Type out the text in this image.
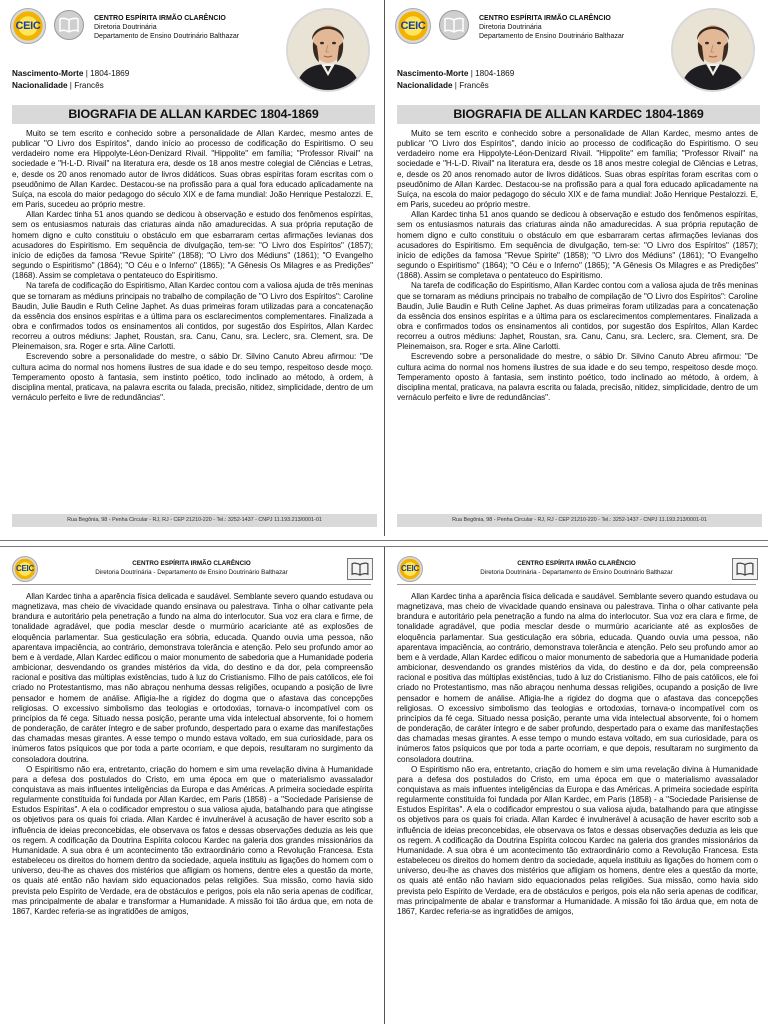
CEIC
CENTRO ESPÍRITA IRMÃO CLARÊNCIO
Diretoria Doutrinária
Departamento de Ensino Doutrinário Balthazar
Nascimento-Morte | 1804-1869
Nacionalidade | Francês
BIOGRAFIA DE ALLAN KARDEC 1804-1869

Muito se tem escrito e conhecido sobre a personalidade de Allan Kardec, mesmo antes de publicar "O Livro dos Espíritos", dando início ao processo de codificação do Espiritismo. O seu verdadeiro nome era Hippolyte-Léon-Denizard Rivail. "Hippolite" em família; "Professor Rivail" na sociedade e "H-L-D. Rivail" na literatura era, desde os 18 anos mestre colegial de Ciências e Letras, e, desde os 20 anos renomado autor de livros didáticos. Suas obras espíritas foram escritas com o pseudônimo de Allan Kardec. Destacou-se na profissão para a qual fora educado aplicadamente na Suíça, na escola do maior pedagogo do século XIX e de fama mundial: João Henrique Pestalozzi. E, em Paris, sucedeu ao próprio mestre.

Allan Kardec tinha 51 anos quando se dedicou à observação e estudo dos fenômenos espíritas, sem os entusiasmos naturais das criaturas ainda não amadurecidas. A sua própria reputação de homem digno e culto constituiu o obstáculo em que esbarraram certas afirmações levianas dos acusadores do Espiritismo. Em sequência de divulgação, tem-se: "O Livro dos Espíritos" (1857); início de edições da famosa "Revue Spirite" (1858); "O Livro dos Médiuns" (1861); "O Evangelho segundo o Espiritismo" (1864); "O Céu e o Inferno" (1865); "A Gênesis Os Milagres e as Predições" (1868). Assim se completava o pentateuco do Espiritismo.

Na tarefa de codificação do Espiritismo, Allan Kardec contou com a valiosa ajuda de três meninas que se tornaram as médiuns principais no trabalho de compilação de "O Livro dos Espíritos": Caroline Baudin, Julie Baudin e Ruth Celine Japhet. As duas primeiras foram utilizadas para a concatenação da essência dos ensinos espíritas e a última para os esclarecimentos complementares. Finalizada a obra e confirmados todos os ensinamentos ali contidos, por sugestão dos Espíritos, Allan Kardec recorreu a outros médiuns: Japhet, Roustan, sra. Canu, Canu, sra. Leclerc, sra. Clement, sra. De Pleinemaison, sra. Roger e srta. Aline Carlotti.

Escrevendo sobre a personalidade do mestre, o sábio Dr. Silvino Canuto Abreu afirmou: "De cultura acima do normal nos homens ilustres de sua idade e do seu tempo, respeitoso desde moço. Temperamento oposto à fantasia, sem instinto poético, todo inclinado ao método, à ordem, à disciplina mental, praticava, na palavra escrita ou falada, precisão, nitidez, simplicidade, dentro de um vernáculo perfeito e livre de redundâncias".

Rua Begônia, 98 - Penha Circular - RJ, RJ - CEP 21210-220 - Tel.: 3252-1437 - CNPJ 11.193.213/0001-01
CEIC
CENTRO ESPÍRITA IRMÃO CLARÊNCIO
Diretoria Doutrinária
Departamento de Ensino Doutrinário Balthazar
Nascimento-Morte | 1804-1869
Nacionalidade | Francês
BIOGRAFIA DE ALLAN KARDEC 1804-1869

Muito se tem escrito e conhecido sobre a personalidade de Allan Kardec, mesmo antes de publicar "O Livro dos Espíritos", dando início ao processo de codificação do Espiritismo. O seu verdadeiro nome era Hippolyte-Léon-Denizard Rivail. "Hippolite" em família; "Professor Rivail" na sociedade e "H-L-D. Rivail" na literatura era, desde os 18 anos mestre colegial de Ciências e Letras, e, desde os 20 anos renomado autor de livros didáticos. Suas obras espíritas foram escritas com o pseudônimo de Allan Kardec. Destacou-se na profissão para a qual fora educado aplicadamente na Suíça, na escola do maior pedagogo do século XIX e de fama mundial: João Henrique Pestalozzi. E, em Paris, sucedeu ao próprio mestre.

Allan Kardec tinha 51 anos quando se dedicou à observação e estudo dos fenômenos espíritas, sem os entusiasmos naturais das criaturas ainda não amadurecidas. A sua própria reputação de homem digno e culto constituiu o obstáculo em que esbarraram certas afirmações levianas dos acusadores do Espiritismo. Em sequência de divulgação, tem-se: "O Livro dos Espíritos" (1857); início de edições da famosa "Revue Spirite" (1858); "O Livro dos Médiuns" (1861); "O Evangelho segundo o Espiritismo" (1864); "O Céu e o Inferno" (1865); "A Gênesis Os Milagres e as Predições" (1868). Assim se completava o pentateuco do Espiritismo.

Na tarefa de codificação do Espiritismo, Allan Kardec contou com a valiosa ajuda de três meninas que se tornaram as médiuns principais no trabalho de compilação de "O Livro dos Espíritos": Caroline Baudin, Julie Baudin e Ruth Celine Japhet. As duas primeiras foram utilizadas para a concatenação da essência dos ensinos espíritas e a última para os esclarecimentos complementares. Finalizada a obra e confirmados todos os ensinamentos ali contidos, por sugestão dos Espíritos, Allan Kardec recorreu a outros médiuns: Japhet, Roustan, sra. Canu, Canu, sra. Leclerc, sra. Clement, sra. De Pleinemaison, sra. Roger e srta. Aline Carlotti.

Escrevendo sobre a personalidade do mestre, o sábio Dr. Silvino Canuto Abreu afirmou: "De cultura acima do normal nos homens ilustres de sua idade e do seu tempo, respeitoso desde moço. Temperamento oposto à fantasia, sem instinto poético, todo inclinado ao método, à ordem, à disciplina mental, praticava, na palavra escrita ou falada, precisão, nitidez, simplicidade, dentro de um vernáculo perfeito e livre de redundâncias".

Rua Begônia, 98 - Penha Circular - RJ, RJ - CEP 21210-220 - Tel.: 3252-1437 - CNPJ 11.193.213/0001-01
CEIC
CENTRO ESPÍRITA IRMÃO CLARÊNCIO
Diretoria Doutrinária - Departamento de Ensino Doutrinário Balthazar

Allan Kardec tinha a aparência física delicada e saudável. Semblante severo quando estudava ou magnetizava, mas cheio de vivacidade quando ensinava ou palestrava. Tinha o olhar cativante pela brandura e autoritário pela penetração a fundo na alma do interlocutor. Sua voz era clara e firme, de tonalidade agradável, que podia mesclar desde o murmúrio acariciante até as explosões de eloquência parlamentar. Sua gesticulação era sóbria, educada. Quando ouvia uma pessoa, não aparentava impaciência, ao contrário, demonstrava tolerância e atenção. Pelo seu profundo amor ao bem e à verdade, Allan Kardec edificou o maior monumento de sabedoria que a Humanidade poderia ambicionar, desvendando os grandes mistérios da vida, do destino e da dor, pela compreensão racional e positiva das múltiplas existências, tudo à luz do Cristianismo. Filho de pais católicos, ele foi criado no Protestantismo, mas não abraçou nenhuma dessas religiões, ocupando a posição de livre pensador e homem de análise. Afligia-lhe a rigidez do dogma que o afastava das concepções religiosas. O excessivo simbolismo das teologias e ortodoxias, tornava-o incompatível com os princípios da fé cega. Situado nessa posição, perante uma vida intelectual absorvente, foi o homem de ponderação, de caráter íntegro e de saber profundo, despertado para o exame das manifestações das chamadas mesas girantes. A esse tempo o mundo estava voltado, em sua curiosidade, para os inúmeros fatos psíquicos que por toda a parte ocorriam, e que depois, resultaram no surgimento da consoladora doutrina.

O Espiritismo não era, entretanto, criação do homem e sim uma revelação divina à Humanidade para a defesa dos postulados do Cristo, em uma época em que o materialismo avassalador conquistava as mais influentes inteligências da Europa e das Américas. A primeira sociedade espírita regularmente constituída foi fundada por Allan Kardec, em Paris (1858) - a "Sociedade Parisiense de Estudos Espíritas". A ela o codificador emprestou o sua valiosa ajuda, batalhando para que atingisse os objetivos para os quais foi criada. Allan Kardec é invulnerável à acusação de haver escrito sob a influência de ideias preconcebidas, ele observava os fatos e dessas observações deduzia as leis que os regem. A codificação da Doutrina Espírita colocou Kardec na galeria dos grandes missionários da Humanidade. A sua obra é um acontecimento tão extraordinário como a Revolução Francesa. Esta estabeleceu os direitos do homem dentro da sociedade, aquela instituiu as ligações do homem com o universo, deu-lhe as chaves dos mistérios que afligiam os homens, dentre eles a questão da morte, os quais até então não haviam sido equacionados pelas religiões. Sua missão, como havia sido prevista pelo Espírito de Verdade, era de obstáculos e perigos, pois ela não seria apenas de codificar, mas principalmente de abalar e transformar a Humanidade. A missão foi tão árdua que, em nota de 1867, Kardec referia-se as ingratidões de amigos,

CEIC
CENTRO ESPÍRITA IRMÃO CLARÊNCIO
Diretoria Doutrinária - Departamento de Ensino Doutrinário Balthazar

Allan Kardec tinha a aparência física delicada e saudável. Semblante severo quando estudava ou magnetizava, mas cheio de vivacidade quando ensinava ou palestrava. Tinha o olhar cativante pela brandura e autoritário pela penetração a fundo na alma do interlocutor. Sua voz era clara e firme, de tonalidade agradável, que podia mesclar desde o murmúrio acariciante até as explosões de eloquência parlamentar. Sua gesticulação era sóbria, educada. Quando ouvia uma pessoa, não aparentava impaciência, ao contrário, demonstrava tolerância e atenção. Pelo seu profundo amor ao bem e à verdade, Allan Kardec edificou o maior monumento de sabedoria que a Humanidade poderia ambicionar, desvendando os grandes mistérios da vida, do destino e da dor, pela compreensão racional e positiva das múltiplas existências, tudo à luz do Cristianismo. Filho de pais católicos, ele foi criado no Protestantismo, mas não abraçou nenhuma dessas religiões, ocupando a posição de livre pensador e homem de análise. Afligia-lhe a rigidez do dogma que o afastava das concepções religiosas. O excessivo simbolismo das teologias e ortodoxias, tornava-o incompatível com os princípios da fé cega. Situado nessa posição, perante uma vida intelectual absorvente, foi o homem de ponderação, de caráter íntegro e de saber profundo, despertado para o exame das manifestações das chamadas mesas girantes. A esse tempo o mundo estava voltado, em sua curiosidade, para os inúmeros fatos psíquicos que por toda a parte ocorriam, e que depois, resultaram no surgimento da consoladora doutrina.

O Espiritismo não era, entretanto, criação do homem e sim uma revelação divina à Humanidade para a defesa dos postulados do Cristo, em uma época em que o materialismo avassalador conquistava as mais influentes inteligências da Europa e das Américas. A primeira sociedade espírita regularmente constituída foi fundada por Allan Kardec, em Paris (1858) - a "Sociedade Parisiense de Estudos Espíritas". A ela o codificador emprestou o sua valiosa ajuda, batalhando para que atingisse os objetivos para os quais foi criada. Allan Kardec é invulnerável à acusação de haver escrito sob a influência de ideias preconcebidas, ele observava os fatos e dessas observações deduzia as leis que os regem. A codificação da Doutrina Espírita colocou Kardec na galeria dos grandes missionários da Humanidade. A sua obra é um acontecimento tão extraordinário como a Revolução Francesa. Esta estabeleceu os direitos do homem dentro da sociedade, aquela instituiu as ligações do homem com o universo, deu-lhe as chaves dos mistérios que afligiam os homens, dentre eles a questão da morte, os quais até então não haviam sido equacionados pelas religiões. Sua missão, como havia sido prevista pelo Espírito de Verdade, era de obstáculos e perigos, pois ela não seria apenas de codificar, mas principalmente de abalar e transformar a Humanidade. A missão foi tão árdua que, em nota de 1867, Kardec referia-se as ingratidões de amigos,
